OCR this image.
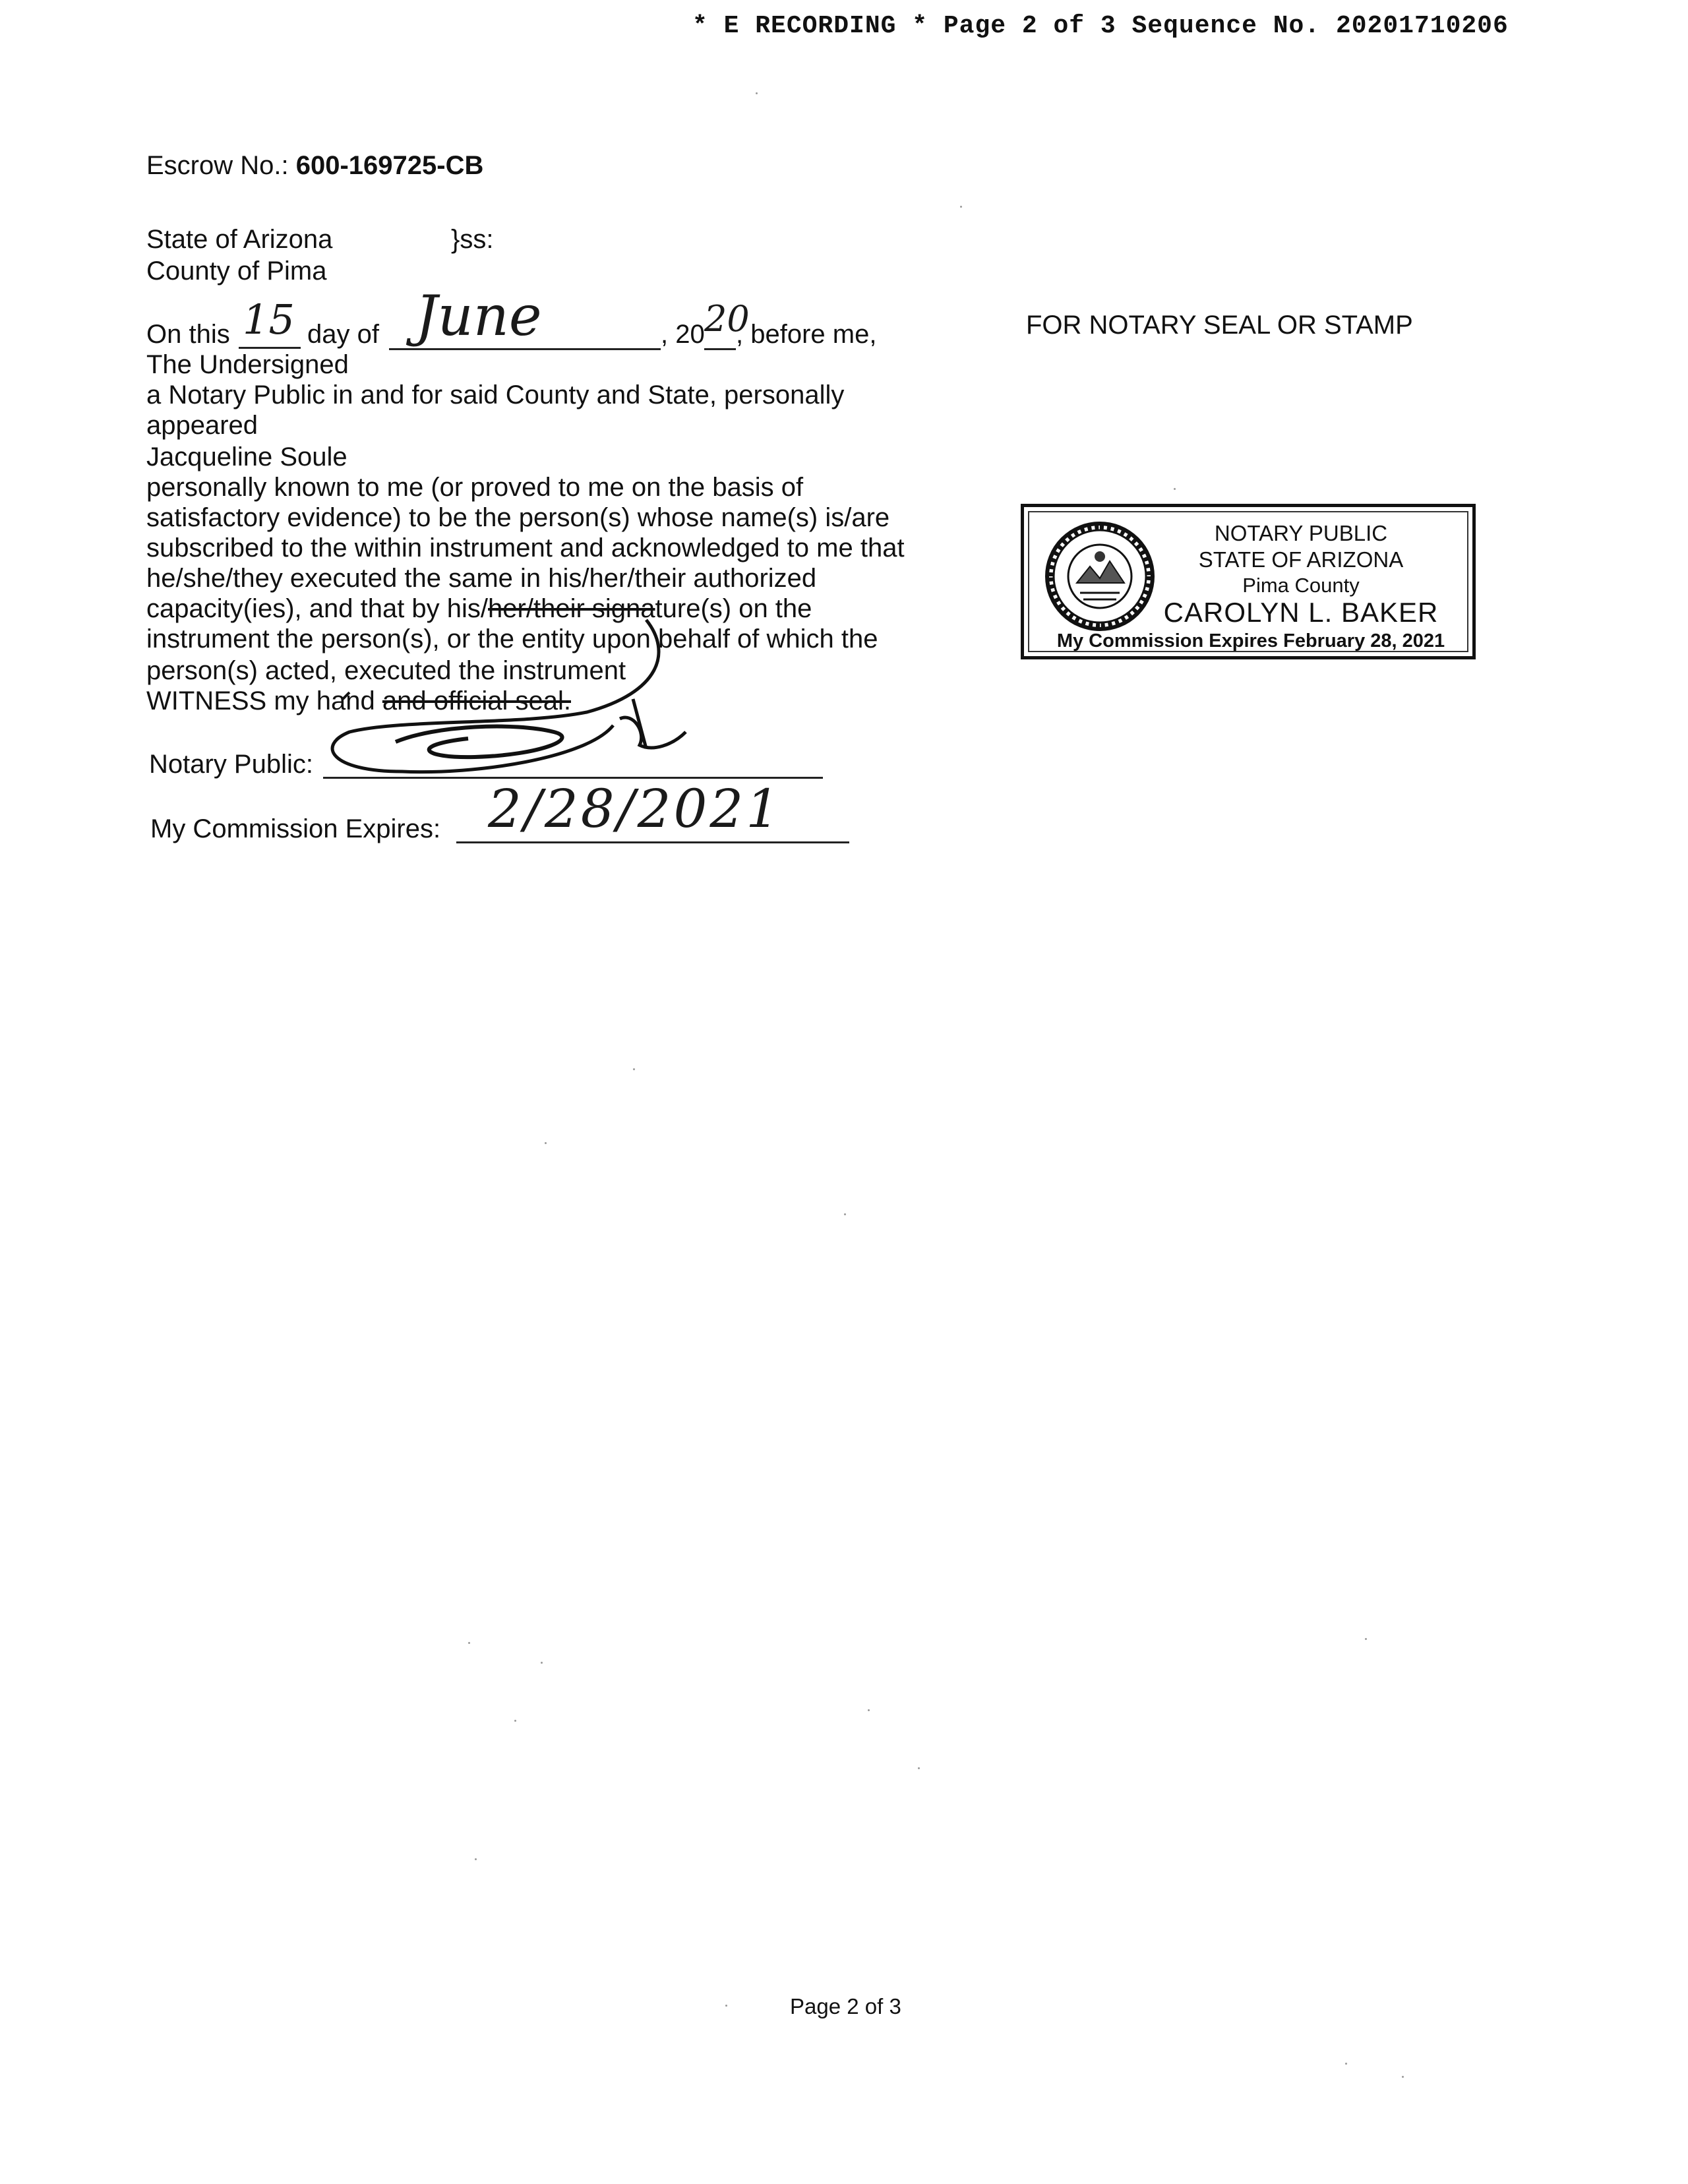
* E RECORDING * Page 2 of 3 Sequence No. 20201710206
Escrow No.: 600-169725-CB
State of Arizona	}ss:
County of Pima
On this 15 day of June	, 20 20
, before me,
The Undersigned
a Notary Public in and for said County and State, personally
appeared
Jacqueline Soule
personally known to me (or proved to me on the basis of
satisfactory evidence) to be the person(s) whose name(s) is/are
subscribed to the within instrument and acknowledged to me that
he/she/they executed the same in his/her/their authorized
capacity(ies), and that by his/her/their signature(s) on the
instrument the person(s), or the entity upon behalf of which the
person(s) acted, executed the instrument
WITNESS my hand and official seal.
Notary Public:
My Commission Expires: 2/28/2021
FOR NOTARY SEAL OR STAMP
NOTARY PUBLIC
STATE OF ARIZONA
Pima County
CAROLYN L. BAKER
My Commission Expires February 28, 2021
Page 2 of 3
